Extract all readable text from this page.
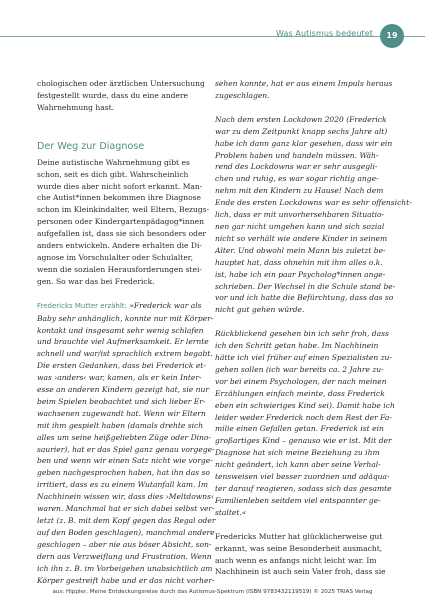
Was Autismus bedeutet	19

chologischen oder ärztlichen Untersuchung
festgestellt wurde, dass du eine andere
Wahrnehmung hast.

Der Weg zur Diagnose

Deine autistische Wahrnehmung gibt es
schon, seit es dich gibt. Wahrscheinlich
wurde dies aber nicht sofort erkannt. Man-
che Autist*innen bekommen ihre Diagnose
schon im Kleinkindalter, weil Eltern, Bezugs-
personen oder Kindergartenpädagog*innen
aufgefallen ist, dass sie sich besonders oder
anders entwickeln. Andere erhalten die Di-
agnose im Vorschulalter oder Schulalter,
wenn die sozialen Herausforderungen stei-
gen. So war das bei Frederick.

Fredericks Mutter erzählt: »Frederick war als
Baby sehr anhänglich, konnte nur mit Körper-
kontakt und insgesamt sehr wenig schlafen
und brauchte viel Aufmerksamkeit. Er lernte
schnell und war/ist sprachlich extrem begabt.
Die ersten Gedanken, dass bei Frederick et-
was ›anders‹ war, kamen, als er kein Inter-
esse an anderen Kindern gezeigt hat, sie nur
beim Spielen beobachtet und sich lieber Er-
wachsenen zugewandt hat. Wenn wir Eltern
mit ihm gespielt haben (damals drehte sich
alles um seine heißgeliebten Züge oder Dino-
saurier), hat er das Spiel ganz genau vorgege-
ben und wenn wir einen Satz nicht wie vorge-
geben nachgesprochen haben, hat ihn das so
irritiert, dass es zu einem Wutanfall kam. Im
Nachhinein wissen wir, dass dies ›Meltdowns‹
waren. Manchmal hat er sich dabei selbst ver-
letzt (z. B. mit dem Kopf gegen das Regal oder
auf den Boden geschlagen), manchmal andere
geschlagen – aber nie aus böser Absicht, son-
dern aus Verzweiflung und Frustration. Wenn
ich ihn z. B. im Vorbeigehen unabsichtlich am
Körper gestreift habe und er das nicht vorher-

sehen konnte, hat er aus einem Impuls heraus
zugeschlagen.

Nach dem ersten Lockdown 2020 (Frederick
war zu dem Zeitpunkt knapp sechs Jahre alt)
habe ich dann ganz klar gesehen, dass wir ein
Problem haben und handeln müssen. Wäh-
rend des Lockdowns war er sehr ausgegli-
chen und ruhig, es war sogar richtig ange-
nehm mit den Kindern zu Hause! Nach dem
Ende des ersten Lockdowns war es sehr offensicht-
lich, dass er mit unvorhersehbaren Situatio-
nen gar nicht umgehen kann und sich sozial
nicht so verhält wie andere Kinder in seinem
Alter. Und obwohl mein Mann bis zuletzt be-
hauptet hat, dass ohnehin mit ihm alles o.k.
ist, habe ich ein paar Psycholog*innen ange-
schrieben. Der Wechsel in die Schule stand be-
vor und ich hatte die Befürchtung, dass das so
nicht gut gehen würde.

Rückblickend gesehen bin ich sehr froh, dass
ich den Schritt getan habe. Im Nachhinein
hätte ich viel früher auf einen Spezialisten zu-
gehen sollen (ich war bereits ca. 2 Jahre zu-
vor bei einem Psychologen, der nach meinen
Erzählungen einfach meinte, dass Frederick
eben ein schwieriges Kind sei). Damit habe ich
leider weder Frederick noch dem Rest der Fa-
milie einen Gefallen getan. Frederick ist ein
großartiges Kind – genauso wie er ist. Mit der
Diagnose hat sich meine Beziehung zu ihm
nicht geändert, ich kann aber seine Verhal-
tensweisen viel besser zuordnen und adäqua-
ter darauf reagieren, sodass sich das gesamte
Familienleben seitdem viel entspannter ge-
staltet.«

Fredericks Mutter hat glücklicherweise gut
erkannt, was seine Besonderheit ausmacht,
auch wenn es anfangs nicht leicht war. Im
Nachhinein ist auch sein Vater froh, dass sie

aus: Hippler, Meine Entdeckungsreise durch das Autismus-Spektrum (ISBN 9783432119519) © 2025 TRIAS Verlag
